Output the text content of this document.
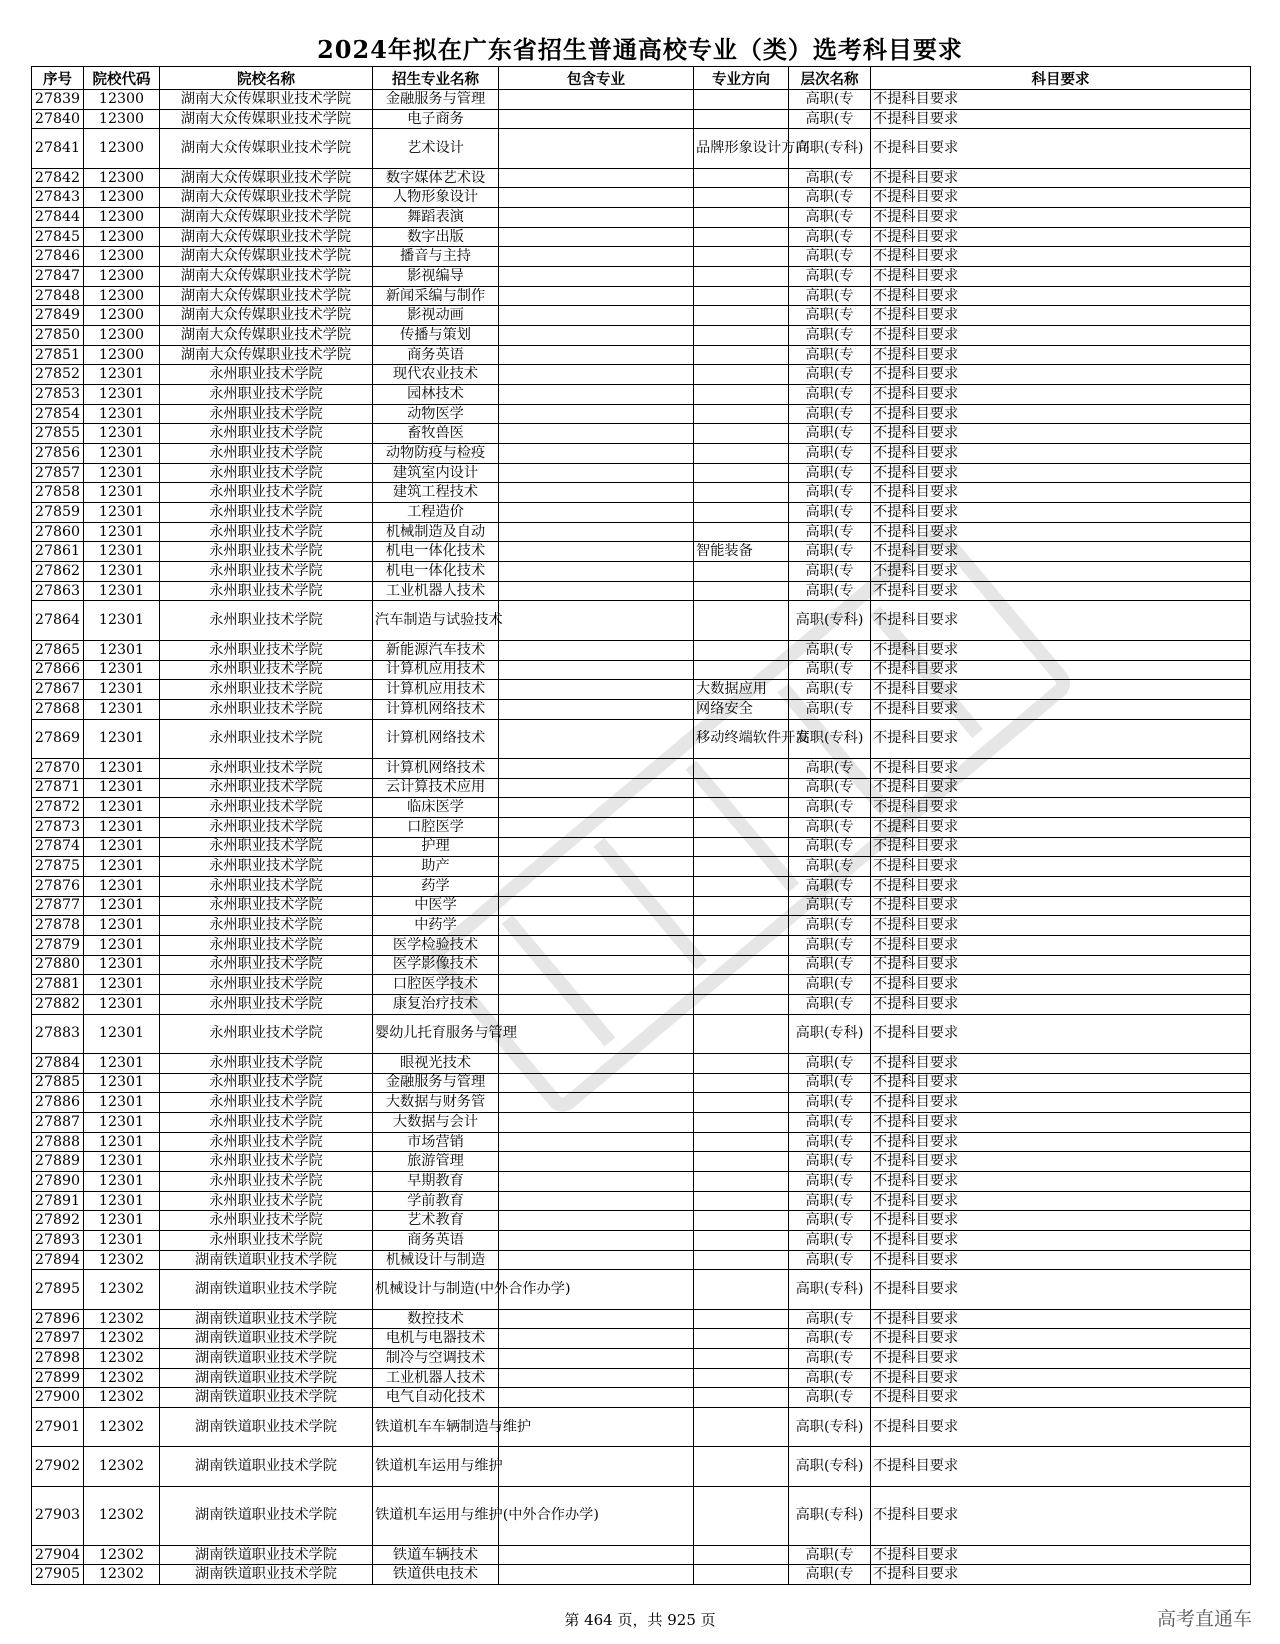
2024年拟在广东省招生普通高校专业（类）选考科目要求
序号	院校代码	院校名称	招生专业名称	包含专业	专业方向	层次名称	科目要求
27839	12300	湖南大众传媒职业技术学院	金融服务与管理			高职(专	不提科目要求
27840	12300	湖南大众传媒职业技术学院	电子商务			高职(专	不提科目要求
27841	12300	湖南大众传媒职业技术学院	艺术设计		品牌形象设计方向	高职(专科)	不提科目要求
27842	12300	湖南大众传媒职业技术学院	数字媒体艺术设			高职(专	不提科目要求
27843	12300	湖南大众传媒职业技术学院	人物形象设计			高职(专	不提科目要求
27844	12300	湖南大众传媒职业技术学院	舞蹈表演			高职(专	不提科目要求
27845	12300	湖南大众传媒职业技术学院	数字出版			高职(专	不提科目要求
27846	12300	湖南大众传媒职业技术学院	播音与主持			高职(专	不提科目要求
27847	12300	湖南大众传媒职业技术学院	影视编导			高职(专	不提科目要求
27848	12300	湖南大众传媒职业技术学院	新闻采编与制作			高职(专	不提科目要求
27849	12300	湖南大众传媒职业技术学院	影视动画			高职(专	不提科目要求
27850	12300	湖南大众传媒职业技术学院	传播与策划			高职(专	不提科目要求
27851	12300	湖南大众传媒职业技术学院	商务英语			高职(专	不提科目要求
27852	12301	永州职业技术学院	现代农业技术			高职(专	不提科目要求
27853	12301	永州职业技术学院	园林技术			高职(专	不提科目要求
27854	12301	永州职业技术学院	动物医学			高职(专	不提科目要求
27855	12301	永州职业技术学院	畜牧兽医			高职(专	不提科目要求
27856	12301	永州职业技术学院	动物防疫与检疫			高职(专	不提科目要求
27857	12301	永州职业技术学院	建筑室内设计			高职(专	不提科目要求
27858	12301	永州职业技术学院	建筑工程技术			高职(专	不提科目要求
27859	12301	永州职业技术学院	工程造价			高职(专	不提科目要求
27860	12301	永州职业技术学院	机械制造及自动			高职(专	不提科目要求
27861	12301	永州职业技术学院	机电一体化技术		智能装备	高职(专	不提科目要求
27862	12301	永州职业技术学院	机电一体化技术			高职(专	不提科目要求
27863	12301	永州职业技术学院	工业机器人技术			高职(专	不提科目要求
27864	12301	永州职业技术学院	汽车制造与试验技术			高职(专科)	不提科目要求
27865	12301	永州职业技术学院	新能源汽车技术			高职(专	不提科目要求
27866	12301	永州职业技术学院	计算机应用技术			高职(专	不提科目要求
27867	12301	永州职业技术学院	计算机应用技术		大数据应用	高职(专	不提科目要求
27868	12301	永州职业技术学院	计算机网络技术		网络安全	高职(专	不提科目要求
27869	12301	永州职业技术学院	计算机网络技术		移动终端软件开发	高职(专科)	不提科目要求
27870	12301	永州职业技术学院	计算机网络技术			高职(专	不提科目要求
27871	12301	永州职业技术学院	云计算技术应用			高职(专	不提科目要求
27872	12301	永州职业技术学院	临床医学			高职(专	不提科目要求
27873	12301	永州职业技术学院	口腔医学			高职(专	不提科目要求
27874	12301	永州职业技术学院	护理			高职(专	不提科目要求
27875	12301	永州职业技术学院	助产			高职(专	不提科目要求
27876	12301	永州职业技术学院	药学			高职(专	不提科目要求
27877	12301	永州职业技术学院	中医学			高职(专	不提科目要求
27878	12301	永州职业技术学院	中药学			高职(专	不提科目要求
27879	12301	永州职业技术学院	医学检验技术			高职(专	不提科目要求
27880	12301	永州职业技术学院	医学影像技术			高职(专	不提科目要求
27881	12301	永州职业技术学院	口腔医学技术			高职(专	不提科目要求
27882	12301	永州职业技术学院	康复治疗技术			高职(专	不提科目要求
27883	12301	永州职业技术学院	婴幼儿托育服务与管理			高职(专科)	不提科目要求
27884	12301	永州职业技术学院	眼视光技术			高职(专	不提科目要求
27885	12301	永州职业技术学院	金融服务与管理			高职(专	不提科目要求
27886	12301	永州职业技术学院	大数据与财务管			高职(专	不提科目要求
27887	12301	永州职业技术学院	大数据与会计			高职(专	不提科目要求
27888	12301	永州职业技术学院	市场营销			高职(专	不提科目要求
27889	12301	永州职业技术学院	旅游管理			高职(专	不提科目要求
27890	12301	永州职业技术学院	早期教育			高职(专	不提科目要求
27891	12301	永州职业技术学院	学前教育			高职(专	不提科目要求
27892	12301	永州职业技术学院	艺术教育			高职(专	不提科目要求
27893	12301	永州职业技术学院	商务英语			高职(专	不提科目要求
27894	12302	湖南铁道职业技术学院	机械设计与制造			高职(专	不提科目要求
27895	12302	湖南铁道职业技术学院	机械设计与制造(中外合作办学)			高职(专科)	不提科目要求
27896	12302	湖南铁道职业技术学院	数控技术			高职(专	不提科目要求
27897	12302	湖南铁道职业技术学院	电机与电器技术			高职(专	不提科目要求
27898	12302	湖南铁道职业技术学院	制冷与空调技术			高职(专	不提科目要求
27899	12302	湖南铁道职业技术学院	工业机器人技术			高职(专	不提科目要求
27900	12302	湖南铁道职业技术学院	电气自动化技术			高职(专	不提科目要求
27901	12302	湖南铁道职业技术学院	铁道机车车辆制造与维护			高职(专科)	不提科目要求
27902	12302	湖南铁道职业技术学院	铁道机车运用与维护			高职(专科)	不提科目要求
27903	12302	湖南铁道职业技术学院	铁道机车运用与维护(中外合作办学)			高职(专科)	不提科目要求
27904	12302	湖南铁道职业技术学院	铁道车辆技术			高职(专	不提科目要求
27905	12302	湖南铁道职业技术学院	铁道供电技术			高职(专	不提科目要求
第 464 页，共 925 页	高考直通车
